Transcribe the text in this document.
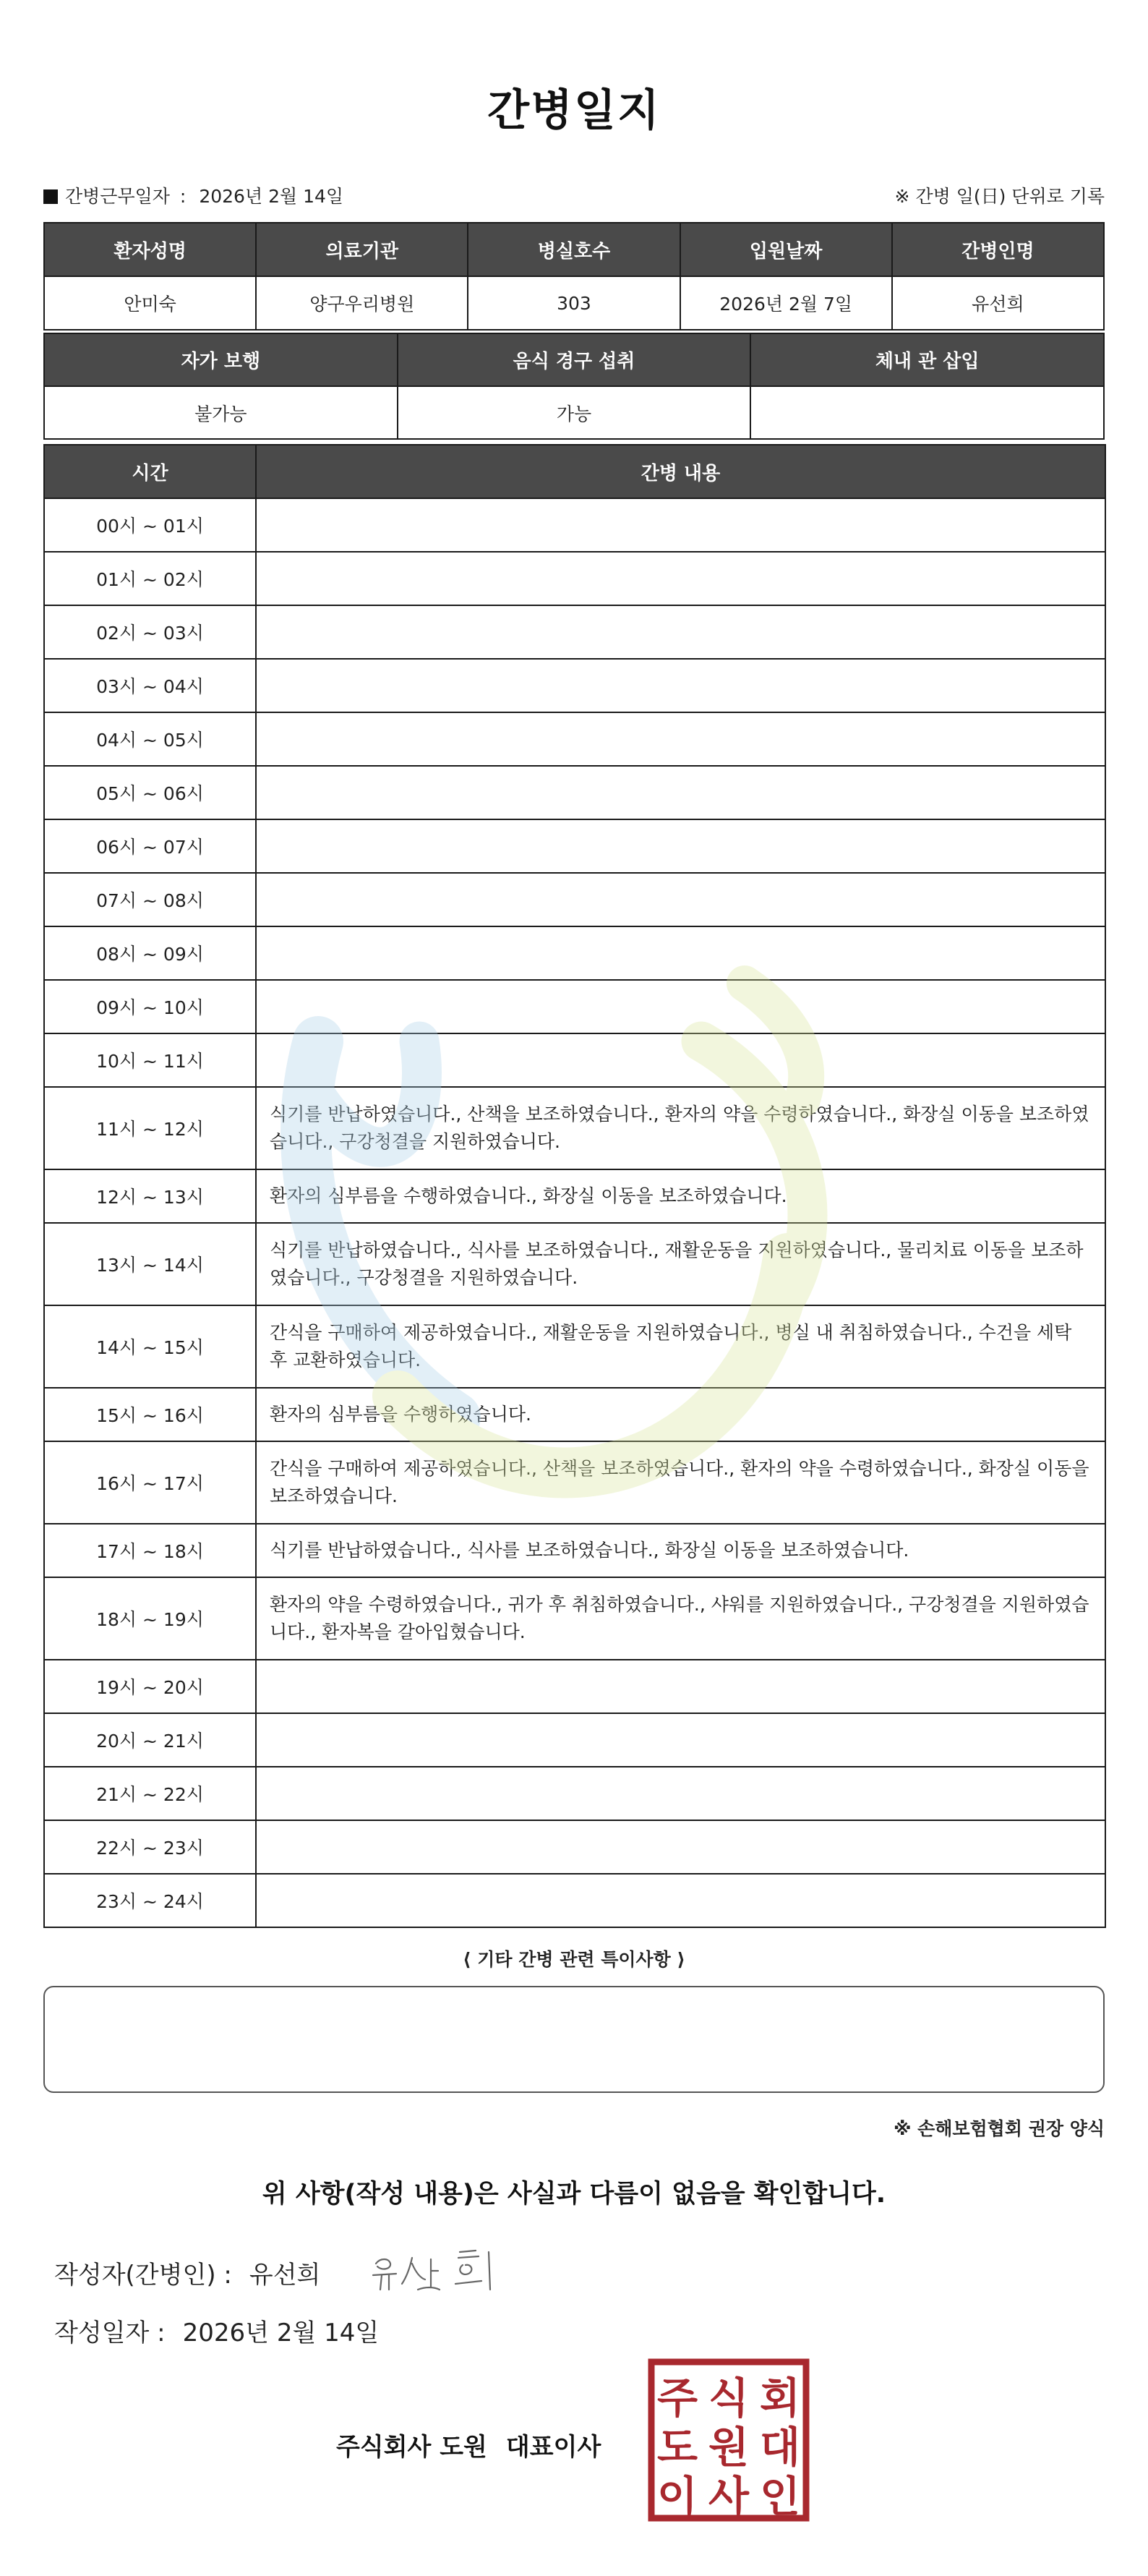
간병일지
간병근무일자 : 2026년 2월 14일	※ 간병 일(日) 단위로 기록
환자성명	의료기관	병실호수	입원날짜	간병인명
안미숙	양구우리병원	303	2026년 2월 7일	유선희
자가 보행	음식 경구 섭취	체내 관 삽입
불가능	가능	
시간	간병 내용
00시 ~ 01시	
01시 ~ 02시	
02시 ~ 03시	
03시 ~ 04시	
04시 ~ 05시	
05시 ~ 06시	
06시 ~ 07시	
07시 ~ 08시	
08시 ~ 09시	
09시 ~ 10시	
10시 ~ 11시	
11시 ~ 12시	식기를 반납하였습니다., 산책을 보조하였습니다., 환자의 약을 수령하였습니다., 화장실 이동을 보조하였습니다., 구강청결을 지원하였습니다.
12시 ~ 13시	환자의 심부름을 수행하였습니다., 화장실 이동을 보조하였습니다.
13시 ~ 14시	식기를 반납하였습니다., 식사를 보조하였습니다., 재활운동을 지원하였습니다., 물리치료 이동을 보조하였습니다., 구강청결을 지원하였습니다.
14시 ~ 15시	간식을 구매하여 제공하였습니다., 재활운동을 지원하였습니다., 병실 내 취침하였습니다., 수건을 세탁 후 교환하였습니다.
15시 ~ 16시	환자의 심부름을 수행하였습니다.
16시 ~ 17시	간식을 구매하여 제공하였습니다., 산책을 보조하였습니다., 환자의 약을 수령하였습니다., 화장실 이동을 보조하였습니다.
17시 ~ 18시	식기를 반납하였습니다., 식사를 보조하였습니다., 화장실 이동을 보조하였습니다.
18시 ~ 19시	환자의 약을 수령하였습니다., 귀가 후 취침하였습니다., 샤워를 지원하였습니다., 구강청결을 지원하였습니다., 환자복을 갈아입혔습니다.
19시 ~ 20시	
20시 ~ 21시	
21시 ~ 22시	
22시 ~ 23시	
23시 ~ 24시	
⟨ 기타 간병 관련 특이사항 ⟩
※ 손해보험협회 권장 양식
위 사항(작성 내용)은 사실과 다름이 없음을 확인합니다.
작성자(간병인) : 유선희
작성일자 : 2026년 2월 14일
주식회사 도원 대표이사
주 식 회
도 원 대
이 사 인
